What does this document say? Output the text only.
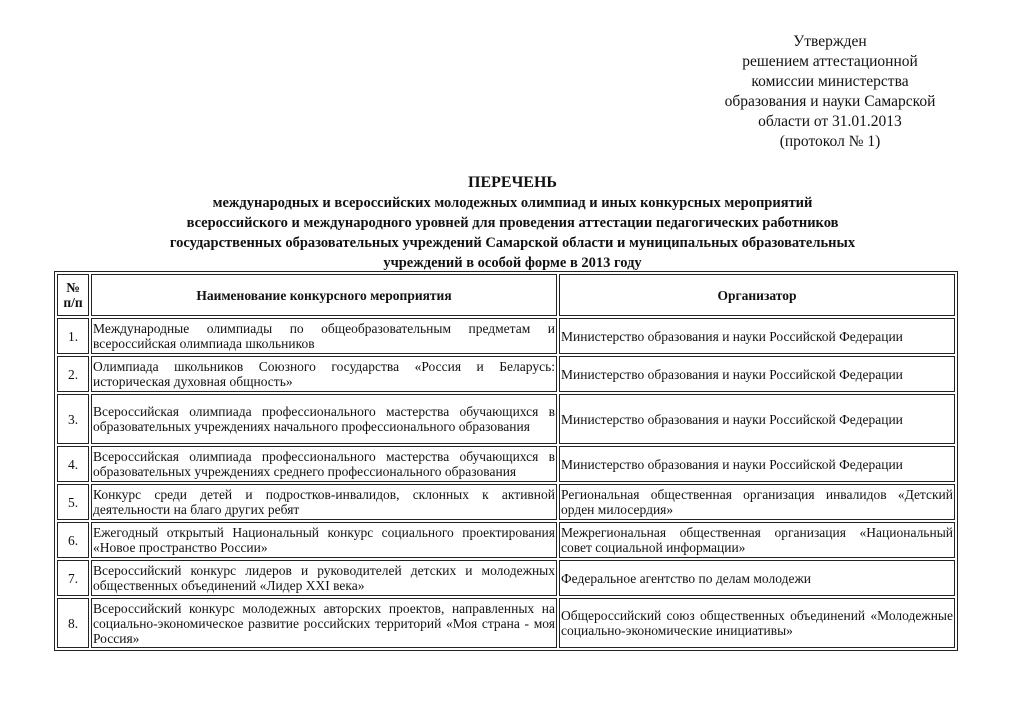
Утвержден
решением аттестационной
комиссии министерства
образования и науки Самарской
области от 31.01.2013
(протокол № 1)
ПЕРЕЧЕНЬ
международных и всероссийских молодежных олимпиад и иных конкурсных мероприятий
всероссийского и международного уровней для проведения аттестации педагогических работников
государственных образовательных учреждений Самарской области и муниципальных образовательных
учреждений в особой форме в 2013 году
№ п/п	Наименование конкурсного мероприятия	Организатор
1.	Международные олимпиады по общеобразовательным предметам и всероссийская олимпиада школьников	Министерство образования и науки Российской Федерации
2.	Олимпиада школьников Союзного государства «Россия и Беларусь: историческая духовная общность»	Министерство образования и науки Российской Федерации
3.	Всероссийская олимпиада профессионального мастерства обучающихся в образовательных учреждениях начального профессионального образования	Министерство образования и науки Российской Федерации
4.	Всероссийская олимпиада профессионального мастерства обучающихся в образовательных учреждениях среднего профессионального образования	Министерство образования и науки Российской Федерации
5.	Конкурс среди детей и подростков-инвалидов, склонных к активной деятельности на благо других ребят	Региональная общественная организация инвалидов «Детский орден милосердия»
6.	Ежегодный открытый Национальный конкурс социального проектирования «Новое пространство России»	Межрегиональная общественная организация «Национальный совет социальной информации»
7.	Всероссийский конкурс лидеров и руководителей детских и молодежных общественных объединений «Лидер XXI века»	Федеральное агентство по делам молодежи
8.	Всероссийский конкурс молодежных авторских проектов, направленных на социально-экономическое развитие российских территорий «Моя страна - моя Россия»	Общероссийский союз общественных объединений «Молодежные социально-экономические инициативы»
